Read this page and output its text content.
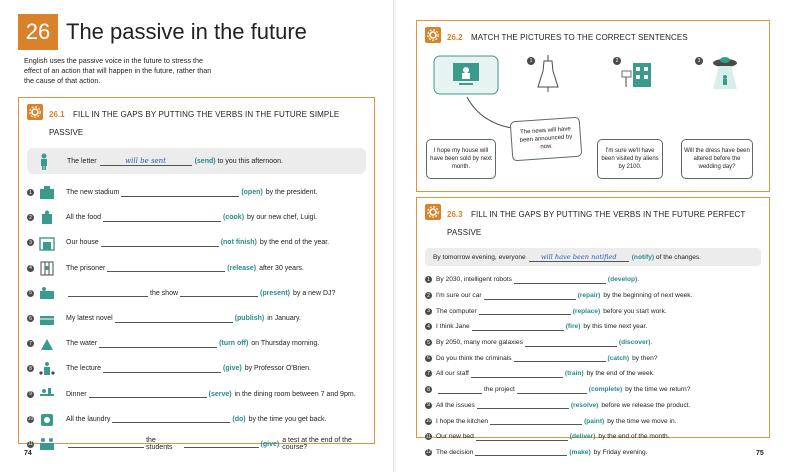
26 The passive in the future
English uses the passive voice in the future to stress the effect of an action that will happen in the future, rather than the cause of that action.
26.1 FILL IN THE GAPS BY PUTTING THE VERBS IN THE FUTURE SIMPLE PASSIVE
The letter	will be sent	(send)
to you this afternoon.
1	The new stadium	(open) by the president.
2	All the food	(cook) by our new chef, Luigi.
3	Our house	(not finish) by the end of the year.
4	The prisoner	(release) after 30 years.
5	the show	(present) by a new DJ?
6	My latest novel	(publish) in January.
7	The water	(turn off) on Thursday morning.
8	The lecture	(give) by Professor O'Brien.
9	Dinner	(serve) in the dining room between 7 and 9pm.
10	All the laundry	(do) by the time you get back.
11	the students	(give) a test at the end of the course?
74
26.2 MATCH THE PICTURES TO THE CORRECT SENTENCES
1	2	3
I hope my house will have been sold by next month.
The news will have been announced by now.
I'm sure we'll have been visited by aliens by 2100.
Will the dress have been altered before the wedding day?
26.3 FILL IN THE GAPS BY PUTTING THE VERBS IN THE FUTURE PERFECT PASSIVE
By tomorrow evening, everyone	will have been notified	(notify)
of the changes.
1 By 2030, intelligent robots	(develop) .
2 I'm sure our car	(repair) by the beginning of next week.
3 The computer	(replace) before you start work.
4 I think Jane	(fire) by this time next year.
5 By 2050, many more galaxies	(discover) .
6 Do you think the criminals	(catch) by then?
7 All our staff	(train) by the end of the week.
8	the project	(complete) by the time we return?
9 All the issues	(resolve) before we release the product.
10 I hope the kitchen	(paint) by the time we move in.
11 Our new bed	(deliver) by the end of the month.
12 The decision	(make) by Friday evening.	75
